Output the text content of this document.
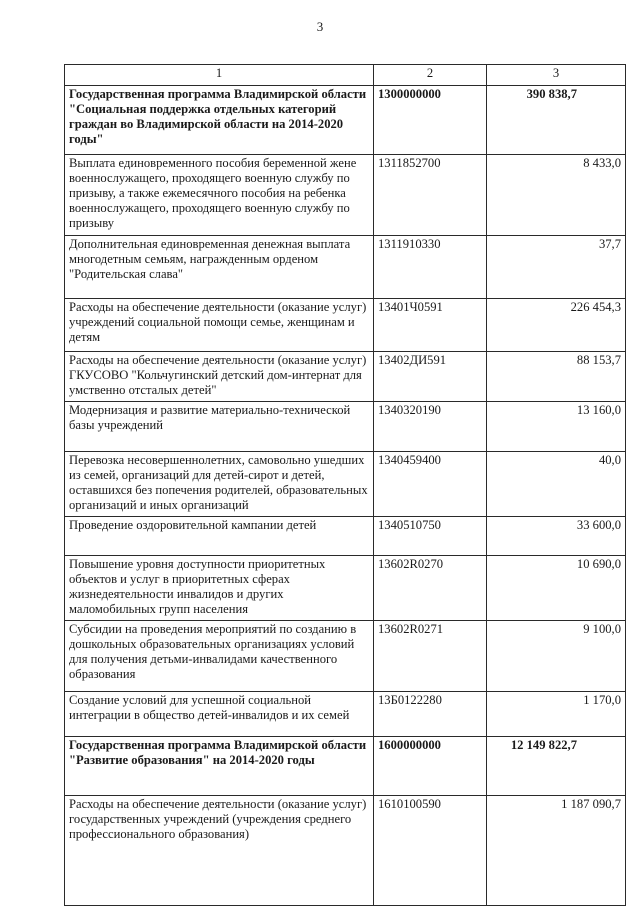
3
1	2	3
Государственная программа Владимирской области "Социальная поддержка отдельных категорий граждан во Владимирской области на 2014-2020 годы"	1300000000	390 838,7
Выплата единовременного пособия беременной жене военнослужащего, проходящего военную службу по призыву, а также ежемесячного пособия на ребенка военнослужащего, проходящего военную службу по призыву	1311852700	8 433,0
Дополнительная единовременная денежная выплата многодетным семьям, награжденным орденом "Родительская слава"	1311910330	37,7
Расходы на обеспечение деятельности (оказание услуг) учреждений социальной помощи семье, женщинам и детям	13401Ч0591	226 454,3
Расходы на обеспечение деятельности (оказание услуг) ГКУСОВО "Кольчугинский детский дом-интернат для умственно отсталых детей"	13402ДИ591	88 153,7
Модернизация и развитие материально-технической базы учреждений	1340320190	13 160,0
Перевозка несовершеннолетних, самовольно ушедших из семей, организаций для детей-сирот и детей, оставшихся без попечения родителей, образовательных организаций и иных организаций	1340459400	40,0
Проведение оздоровительной кампании детей	1340510750	33 600,0
Повышение уровня доступности приоритетных объектов и услуг в приоритетных сферах жизнедеятельности инвалидов и других маломобильных групп населения	13602R0270	10 690,0
Субсидии на проведения мероприятий по созданию в дошкольных образовательных организациях условий для получения детьми-инвалидами качественного образования	13602R0271	9 100,0
Создание условий для успешной социальной интеграции в общество детей-инвалидов и их семей	13Б0122280	1 170,0
Государственная программа Владимирской области "Развитие образования" на 2014-2020 годы	1600000000	12 149 822,7
Расходы на обеспечение деятельности (оказание услуг) государственных учреждений (учреждения среднего профессионального образования)	1610100590	1 187 090,7
